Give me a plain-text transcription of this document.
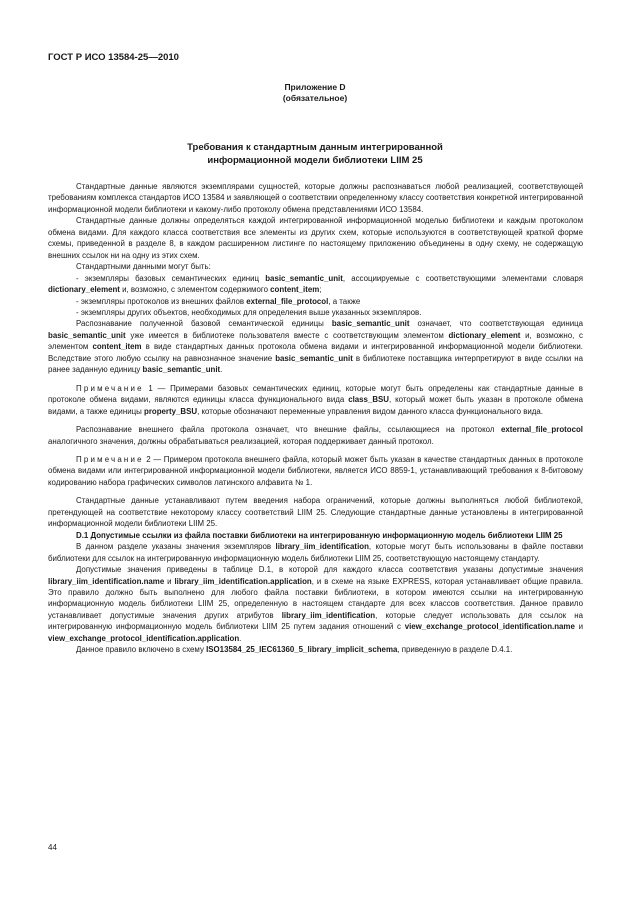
ГОСТ Р ИСО 13584-25—2010
Приложение D
(обязательное)
Требования к стандартным данным интегрированной
информационной модели библиотеки LIIM 25

Стандартные данные являются экземплярами сущностей, которые должны распознаваться любой реализацией, соответствующей требованиям комплекса стандартов ИСО 13584 и заявляющей о соответствии определенному классу соответствия конкретной интегрированной информационной модели библиотеки и какому-либо протоколу обмена представлениями ИСО 13584.

Стандартные данные должны определяться каждой интегрированной информационной моделью библиотеки и каждым протоколом обмена видами. Для каждого класса соответствия все элементы из других схем, которые используются в соответствующей краткой форме схемы, приведенной в разделе 8, в каждом расширенном листинге по настоящему приложению объединены в одну схему, не содержащую внешних ссылок ни на одну из этих схем.

Стандартными данными могут быть:

- экземпляры базовых семантических единиц basic_semantic_unit, ассоциируемые с соответствующими элементами словаря dictionary_element и, возможно, с элементом содержимого content_item;

- экземпляры протоколов из внешних файлов external_file_protocol, а также

- экземпляры других объектов, необходимых для определения выше указанных экземпляров.

Распознавание полученной базовой семантической единицы basic_semantic_unit означает, что соответствующая единица basic_semantic_unit уже имеется в библиотеке пользователя вместе с соответствующим элементом dictionary_element и, возможно, с элементом content_item в виде стандартных данных протокола обмена видами и интегрированной информационной модели библиотеки. Вследствие этого любую ссылку на равнозначное значение basic_semantic_unit в библиотеке поставщика интерпретируют в виде ссылки на ранее заданную единицу basic_semantic_unit.

Примечание 1 — Примерами базовых семантических единиц, которые могут быть определены как стандартные данные в протоколе обмена видами, являются единицы класса функционального вида class_BSU, который может быть указан в протоколе обмена видами, а также единицы property_BSU, которые обозначают переменные управления видом данного класса функционального вида.

Распознавание внешнего файла протокола означает, что внешние файлы, ссылающиеся на протокол external_file_protocol аналогичного значения, должны обрабатываться реализацией, которая поддерживает данный протокол.

Примечание 2 — Примером протокола внешнего файла, который может быть указан в качестве стандартных данных в протоколе обмена видами или интегрированной информационной модели библиотеки, является ИСО 8859-1, устанавливающий требования к 8-битовому кодированию набора графических символов латинского алфавита № 1.

Стандартные данные устанавливают путем введения набора ограничений, которые должны выполняться любой библиотекой, претендующей на соответствие некоторому классу соответствий LIIM 25. Следующие стандартные данные установлены в интегрированной информационной модели библиотеки LIIM 25.

D.1 Допустимые ссылки из файла поставки библиотеки на интегрированную информационную модель библиотеки LIIM 25

В данном разделе указаны значения экземпляров library_iim_identification, которые могут быть использованы в файле поставки библиотеки для ссылок на интегрированную информационную модель библиотеки LIIM 25, соответствующую настоящему стандарту.

Допустимые значения приведены в таблице D.1, в которой для каждого класса соответствия указаны допустимые значения library_iim_identification.name и library_iim_identification.application, и в схеме на языке EXPRESS, которая устанавливает общие правила. Это правило должно быть выполнено для любого файла поставки библиотеки, в котором имеются ссылки на интегрированную информационную модель библиотеки LIIM 25, определенную в настоящем стандарте для всех классов соответствия. Данное правило устанавливает допустимые значения других атрибутов library_iim_identification, которые следует использовать для ссылок на интегрированную информационную модель библиотеки LIIM 25 путем задания отношений с view_exchange_protocol_identification.name и view_exchange_protocol_identification.application.

Данное правило включено в схему ISO13584_25_IEC61360_5_library_implicit_schema, приведенную в разделе D.4.1.

44
